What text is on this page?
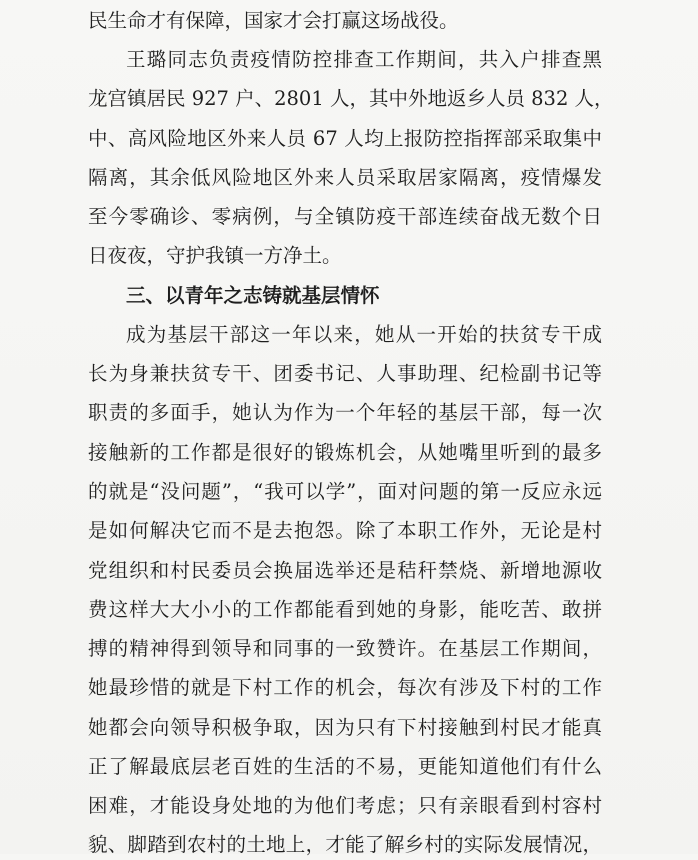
民生命才有保障，国家才会打赢这场战役。
王璐同志负责疫情防控排查工作期间，共入户排查黑
龙宫镇居民 927 户、2801 人，其中外地返乡人员 832 人，
中、高风险地区外来人员 67 人均上报防控指挥部采取集中
隔离，其余低风险地区外来人员采取居家隔离，疫情爆发
至今零确诊、零病例，与全镇防疫干部连续奋战无数个日
日夜夜，守护我镇一方净土。
三、以青年之志铸就基层情怀
成为基层干部这一年以来，她从一开始的扶贫专干成
长为身兼扶贫专干、团委书记、人事助理、纪检副书记等
职责的多面手，她认为作为一个年轻的基层干部，每一次
接触新的工作都是很好的锻炼机会，从她嘴里听到的最多
的就是“没问题”，“我可以学”，面对问题的第一反应永远
是如何解决它而不是去抱怨。除了本职工作外，无论是村
党组织和村民委员会换届选举还是秸秆禁烧、新增地源收
费这样大大小小的工作都能看到她的身影，能吃苦、敢拼
搏的精神得到领导和同事的一致赞许。在基层工作期间，
她最珍惜的就是下村工作的机会，每次有涉及下村的工作
她都会向领导积极争取，因为只有下村接触到村民才能真
正了解最底层老百姓的生活的不易，更能知道他们有什么
困难，才能设身处地的为他们考虑；只有亲眼看到村容村
貌、脚踏到农村的土地上，才能了解乡村的实际发展情况，
